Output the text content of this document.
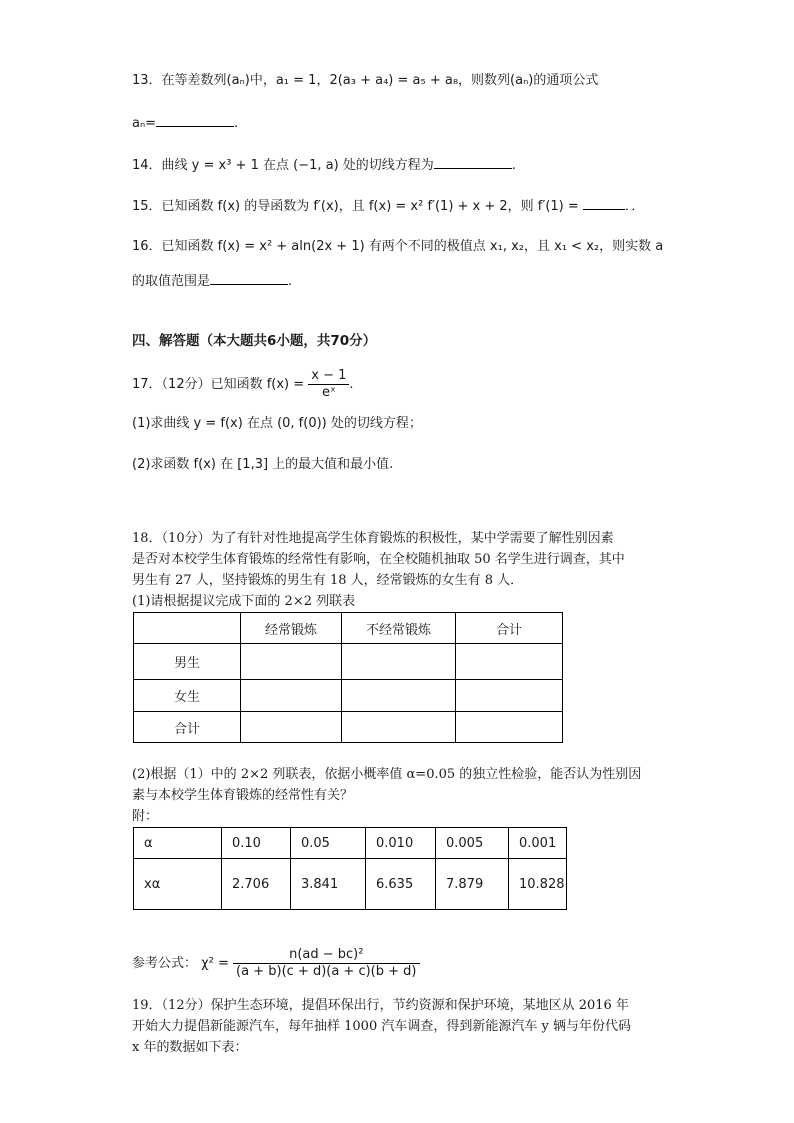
13．在等差数列(aₙ)中，a₁ = 1，2(a₃ + a₄) = a₅ + a₈，则数列(aₙ)的通项公式
aₙ=	.
14．曲线 y = x³ + 1 在点 (−1, a) 处的切线方程为	.
15．已知函数 f(x) 的导函数为 f′(x)，且 f(x) = x² f′(1) + x + 2，则 f′(1) =	．．
16．已知函数 f(x) = x² + aln(2x + 1) 有两个不同的极值点 x₁, x₂，且 x₁ < x₂，则实数 a
的取值范围是	.
四、解答题（本大题共6小题，共70分）
17．（12分）已知函数 $f(x) = \frac{x - 1}{\text{eˣ}}$ .
(1)求曲线 y = f(x) 在点 (0, f(0)) 处的切线方程；
(2)求函数 f(x) 在 [1,3] 上的最大值和最小值.
18．（10分）为了有针对性地提高学生体育锻炼的积极性，某中学需要了解性别因素
是否对本校学生体育锻炼的经常性有影响，在全校随机抽取 50 名学生进行调查，其中
男生有 27 人，坚持锻炼的男生有 18 人，经常锻炼的女生有 8 人．
(1)请根据提议完成下面的 2×2 列联表
	经常锻炼	不经常锻炼	合计
男生			
女生			
合计			
(2)根据（1）中的 2×2 列联表，依据小概率值 α=0.05 的独立性检验，能否认为性别因
素与本校学生体育锻炼的经常性有关？
附：
α	0.10	0.05	0.010	0.005	0.001
xα	2.706	3.841	6.635	7.879	10.828
参考公式： $\chi^2 = \frac{\text{n(ad − bc)²}}{(a + b)(c + d)(a + c)(b + d)}$
19．（12分）保护生态环境，提倡环保出行，节约资源和保护环境，某地区从 2016 年
开始大力提倡新能源汽车，每年抽样 1000 汽车调查，得到新能源汽车 y 辆与年份代码
x 年的数据如下表：
